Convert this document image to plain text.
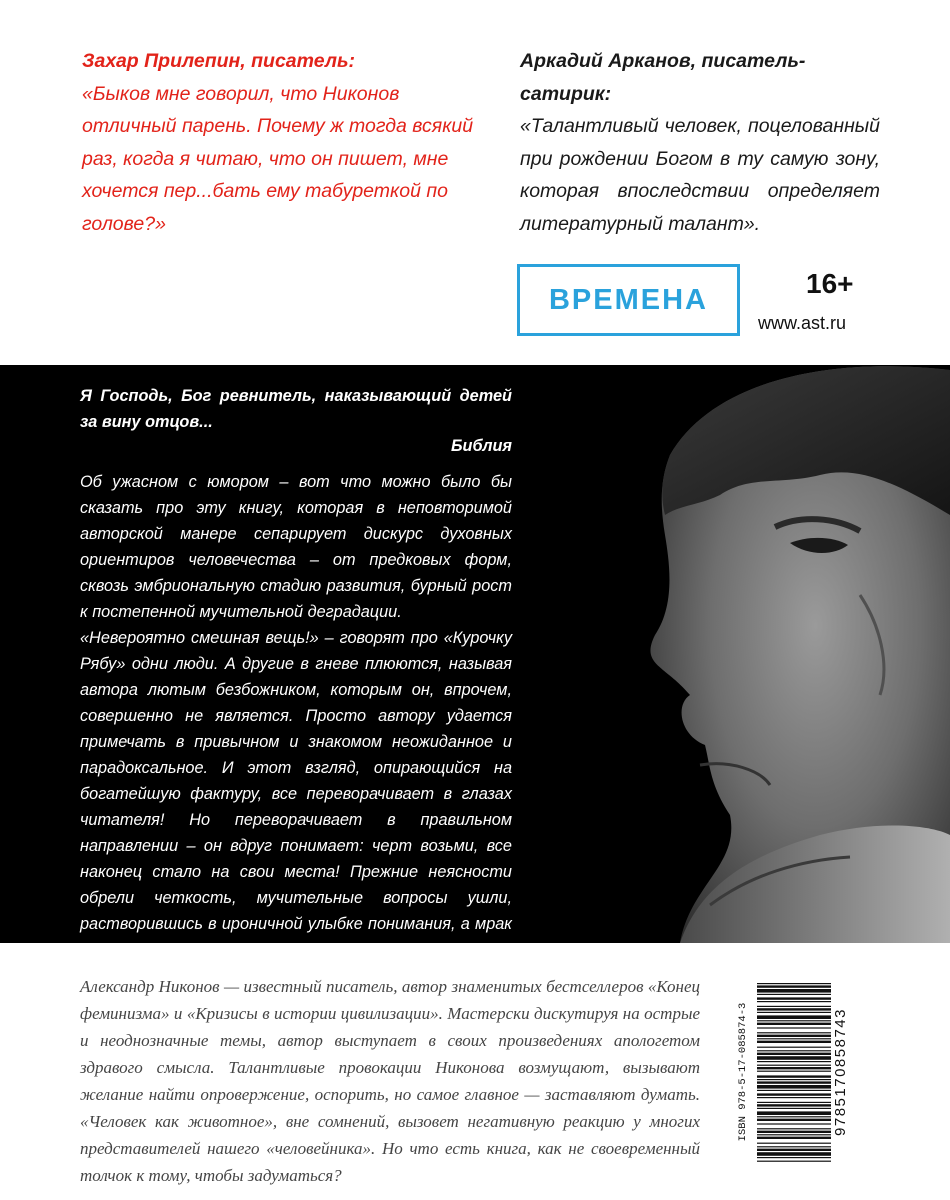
Захар Прилепин, писатель:
«Быков мне говорил, что Никонов отличный парень. Почему ж тогда всякий раз, когда я читаю, что он пишет, мне хочется пер...бать ему табуреткой по голове?»
Аркадий Арканов, писатель-сатирик:
«Талантливый человек, поцелованный при рождении Богом в ту самую зону, которая впоследствии определяет литературный талант».
ВРЕМЕНА	16+
www.ast.ru
Я Господь, Бог ревнитель, наказывающий детей за вину отцов...
Библия

Об ужасном с юмором – вот что можно было бы сказать про эту книгу, которая в неповторимой авторской манере сепарирует дискурс духовных ориентиров человечества – от предковых форм, сквозь эмбриональную стадию развития, бурный рост к постепенной мучительной деградации.

«Невероятно смешная вещь!» – говорят про «Курочку Рябу» одни люди. А другие в гневе плюются, называя автора лютым безбожником, которым он, впрочем, совершенно не является. Просто автору удается примечать в привычном и знакомом неожиданное и парадоксальное. И этот взгляд, опирающийся на богатейшую фактуру, все переворачивает в глазах читателя! Но переворачивает в правильном направлении – он вдруг понимает: черт возьми, все наконец стало на свои места! Прежние неясности обрели четкость, мучительные вопросы ушли, растворившись в ироничной улыбке понимания, а мрак

Александр Никонов — известный писатель, автор знаменитых бестселлеров «Конец феминизма» и «Кризисы в истории цивилизации». Мастерски дискутируя на острые и неоднозначные темы, автор выступает в своих произведениях апологетом здравого смысла. Талантливые провокации Никонова возмущают, вызывают желание найти опровержение, оспорить, но самое главное — заставляют думать. «Человек как животное», вне сомнений, вызовет негативную реакцию у многих представителей нашего «человейника». Но что есть книга, как не своевременный толчок к тому, чтобы задуматься?

ISBN 978-5-17-085874-3	9785170858743
